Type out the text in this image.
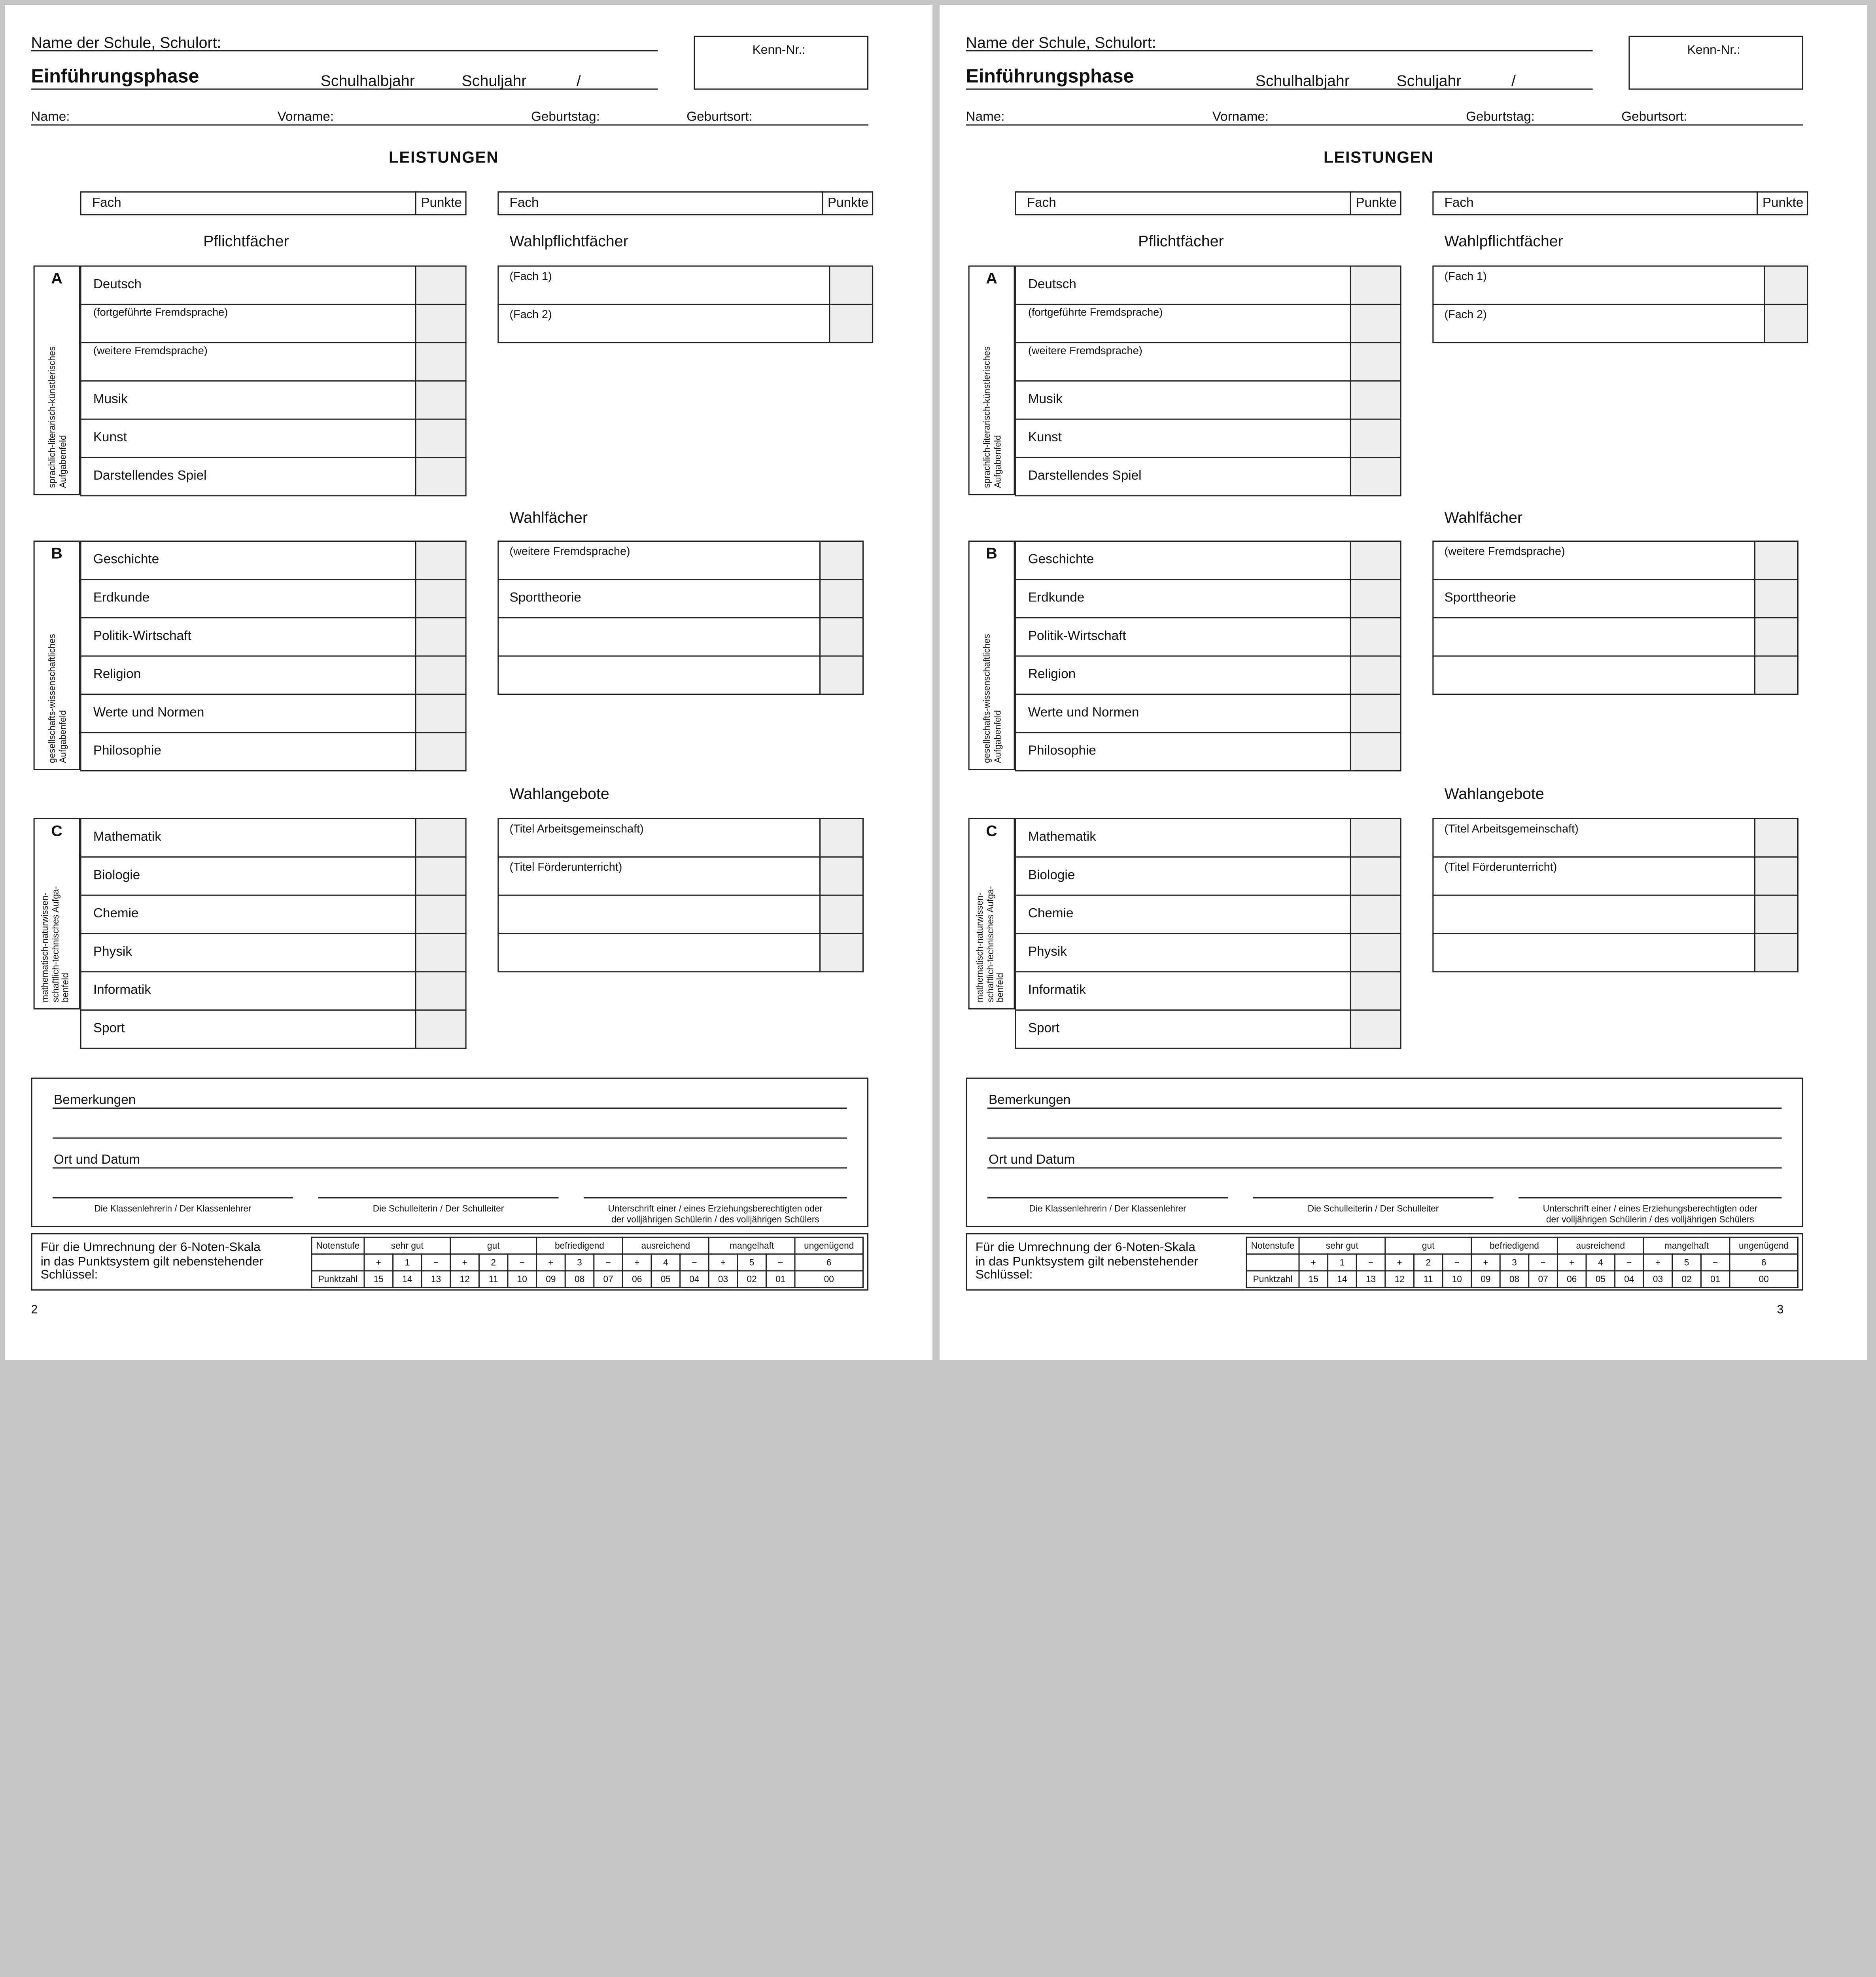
Name der Schule, Schulort:
Einführungsphase	Schulhalbjahr	Schuljahr	/
Kenn-Nr.:
Name:	Vorname:	Geburtstag:	Geburtsort:
LEISTUNGEN
Fach	Punkte	Fach	Punkte
Pflichtfächer	Wahlpflichtfächer
Wahlfächer
Wahlangebote
A
sprachlich-literarisch-künstlerisches
Aufgabenfeld
Deutsch
(fortgeführte Fremdsprache)
(weitere Fremdsprache)
Musik
Kunst
Darstellendes Spiel
B
gesellschafts-wissenschaftliches
Aufgabenfeld
Geschichte
Erdkunde
Politik-Wirtschaft
Religion
Werte und Normen
Philosophie
C
mathematisch-naturwissen-
schaftlich-technisches Aufga-
benfeld
Mathematik
Biologie
Chemie
Physik
Informatik
Sport
(Fach 1)
(Fach 2)
(weitere Fremdsprache)
Sporttheorie
(Titel Arbeitsgemeinschaft)
(Titel Förderunterricht)
Bemerkungen
Ort und Datum
Die Klassenlehrerin / Der Klassenlehrer	Die Schulleiterin / Der Schulleiter	Unterschrift einer / eines Erziehungsberechtigten oder
der volljährigen Schülerin / des volljährigen Schülers
Für die Umrechnung der 6-Noten-Skala
in das Punktsystem gilt nebenstehender
Schlüssel:
Notenstufe	sehr gut			gut			befriedigend			ausreichend			mangelhaft			ungenügend
	+	1	−	+	2	−	+	3	−	+	4	−	+	5	−	6
Punktzahl	15	14	13	12	11	10	09	08	07	06	05	04	03	02	01	00
2
Name der Schule, Schulort:
Einführungsphase	Schulhalbjahr	Schuljahr	/
Kenn-Nr.:
Name:	Vorname:	Geburtstag:	Geburtsort:
LEISTUNGEN
Fach	Punkte	Fach	Punkte
Pflichtfächer	Wahlpflichtfächer
Wahlfächer
Wahlangebote
A
sprachlich-literarisch-künstlerisches
Aufgabenfeld
Deutsch
(fortgeführte Fremdsprache)
(weitere Fremdsprache)
Musik
Kunst
Darstellendes Spiel
B
gesellschafts-wissenschaftliches
Aufgabenfeld
Geschichte
Erdkunde
Politik-Wirtschaft
Religion
Werte und Normen
Philosophie
C
mathematisch-naturwissen-
schaftlich-technisches Aufga-
benfeld
Mathematik
Biologie
Chemie
Physik
Informatik
Sport
(Fach 1)
(Fach 2)
(weitere Fremdsprache)
Sporttheorie
(Titel Arbeitsgemeinschaft)
(Titel Förderunterricht)
Bemerkungen
Ort und Datum
Die Klassenlehrerin / Der Klassenlehrer	Die Schulleiterin / Der Schulleiter	Unterschrift einer / eines Erziehungsberechtigten oder
der volljährigen Schülerin / des volljährigen Schülers
Für die Umrechnung der 6-Noten-Skala
in das Punktsystem gilt nebenstehender
Schlüssel:
Notenstufe	sehr gut			gut			befriedigend			ausreichend			mangelhaft			ungenügend
	+	1	−	+	2	−	+	3	−	+	4	−	+	5	−	6
Punktzahl	15	14	13	12	11	10	09	08	07	06	05	04	03	02	01	00
3
